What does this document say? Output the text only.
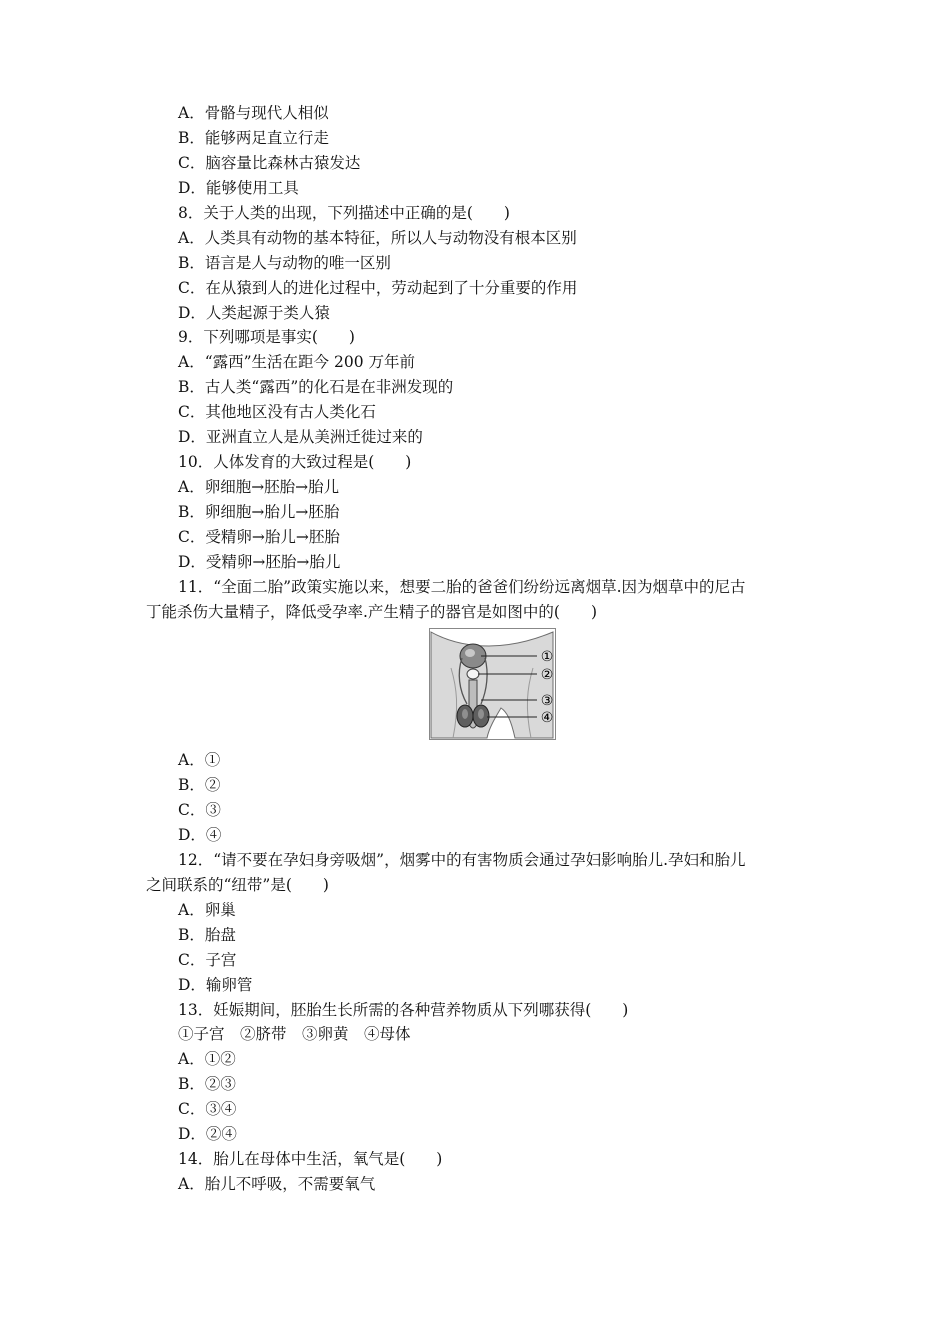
A．骨骼与现代人相似
B．能够两足直立行走
C．脑容量比森林古猿发达
D．能够使用工具
8．关于人类的出现，下列描述中正确的是(　　)
A．人类具有动物的基本特征，所以人与动物没有根本区别
B．语言是人与动物的唯一区别
C．在从猿到人的进化过程中，劳动起到了十分重要的作用
D．人类起源于类人猿
9．下列哪项是事实(　　)
A．“露西”生活在距今 200 万年前
B．古人类“露西”的化石是在非洲发现的
C．其他地区没有古人类化石
D．亚洲直立人是从美洲迁徙过来的
10．人体发育的大致过程是(　　)
A．卵细胞→胚胎→胎儿
B．卵细胞→胎儿→胚胎
C．受精卵→胎儿→胚胎
D．受精卵→胚胎→胎儿
11．“全面二胎”政策实施以来，想要二胎的爸爸们纷纷远离烟草.因为烟草中的尼古
丁能杀伤大量精子，降低受孕率.产生精子的器官是如图中的(　　)
①
②
③
④
A．①
B．②
C．③
D．④
12．“请不要在孕妇身旁吸烟”，烟雾中的有害物质会通过孕妇影响胎儿.孕妇和胎儿
之间联系的“纽带”是(　　)
A．卵巢
B．胎盘
C．子宫
D．输卵管
13．妊娠期间，胚胎生长所需的各种营养物质从下列哪获得(　　)
①子宫　②脐带　③卵黄　④母体
A．①②
B．②③
C．③④
D．②④
14．胎儿在母体中生活，氧气是(　　)
A．胎儿不呼吸，不需要氧气
